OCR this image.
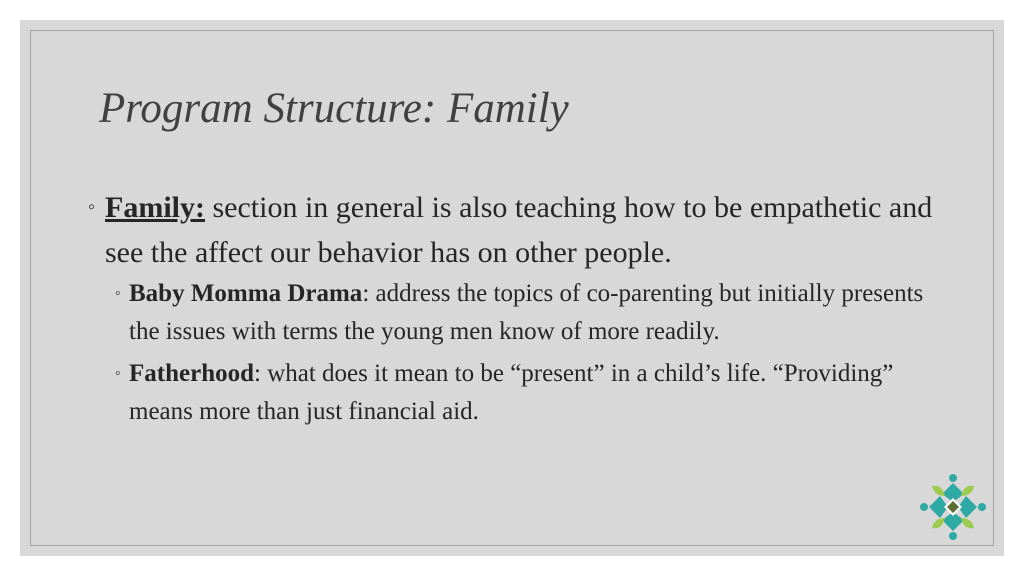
Program Structure: Family
◦ Family: section in general is also teaching how to be empathetic and see the affect our behavior has on other people.
◦ Baby Momma Drama: address the topics of co-parenting but initially presents the issues with terms the young men know of more readily.
◦ Fatherhood: what does it mean to be “present” in a child’s life. “Providing” means more than just financial aid.
